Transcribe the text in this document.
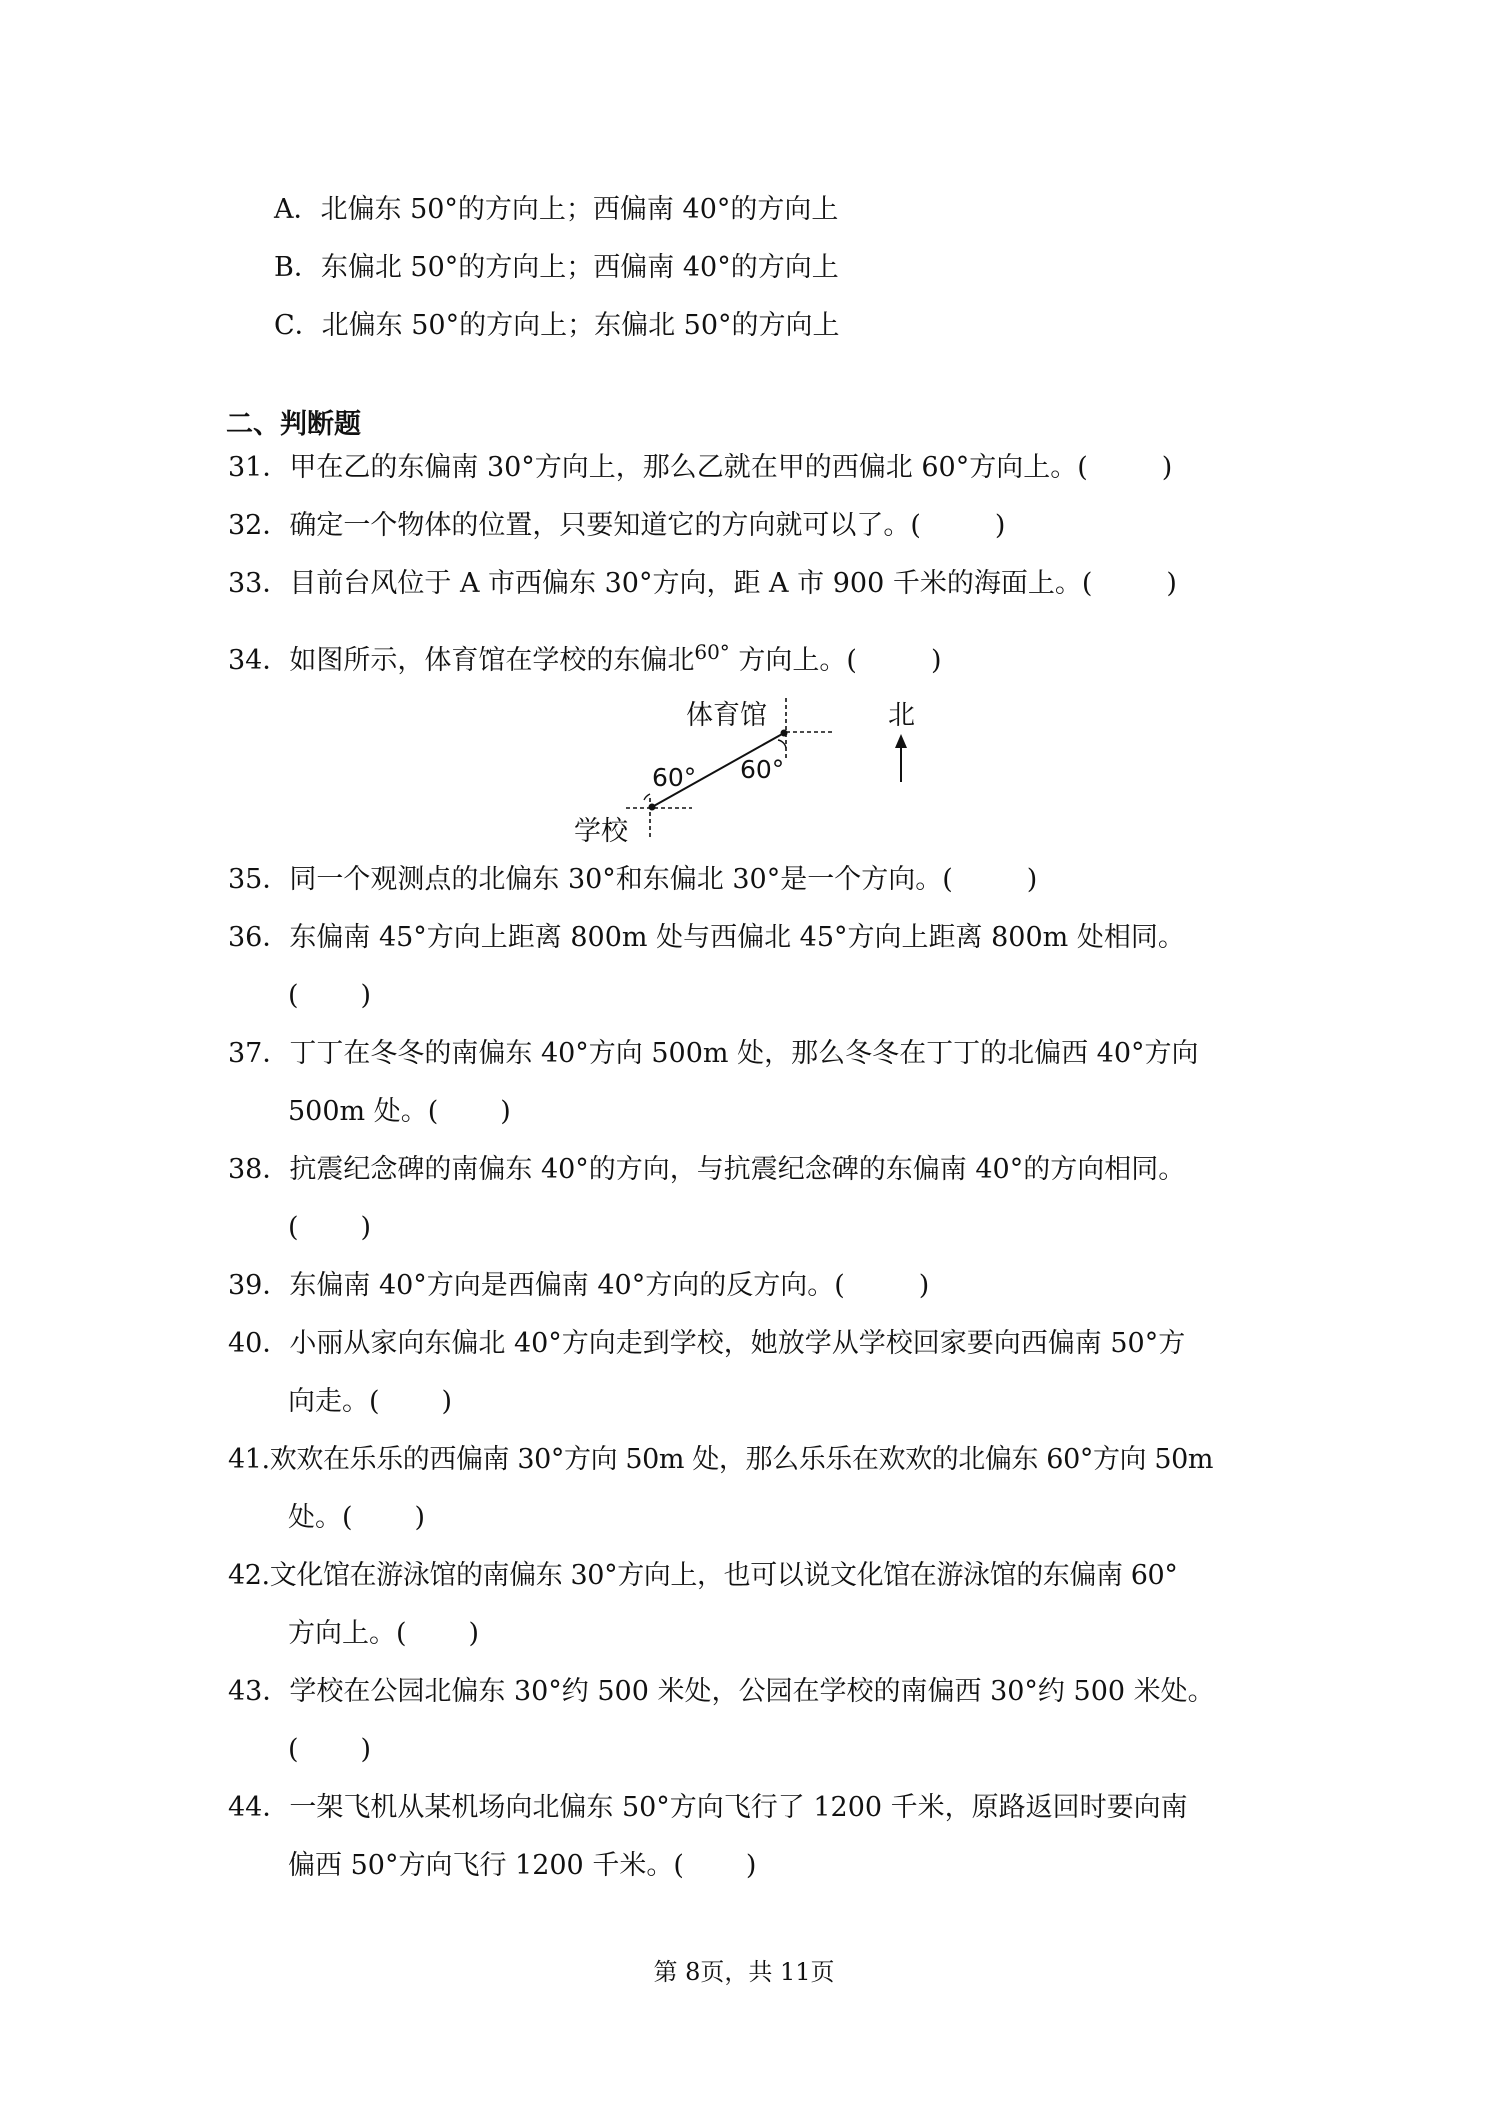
A．北偏东 50°的方向上；西偏南 40°的方向上
B．东偏北 50°的方向上；西偏南 40°的方向上
C．北偏东 50°的方向上；东偏北 50°的方向上
二、判断题
31．甲在乙的东偏南 30°方向上，那么乙就在甲的西偏北 60°方向上。(	)
32．确定一个物体的位置，只要知道它的方向就可以了。(	)
33．目前台风位于 A 市西偏东 30°方向，距 A 市 900 千米的海面上。(	)
34．如图所示，体育馆在学校的东偏北$^{60^\circ}$ 方向上。(	)
体育馆
60° 60°
学校
北
35．同一个观测点的北偏东 30°和东偏北 30°是一个方向。(	)
36．东偏南 45°方向上距离 800m 处与西偏北 45°方向上距离 800m 处相同。
( )
37．丁丁在冬冬的南偏东 40°方向 500m 处，那么冬冬在丁丁的北偏西 40°方向
500m 处。( )
38．抗震纪念碑的南偏东 40°的方向，与抗震纪念碑的东偏南 40°的方向相同。
( )
39．东偏南 40°方向是西偏南 40°方向的反方向。(	)
40．小丽从家向东偏北 40°方向走到学校，她放学从学校回家要向西偏南 50°方
向走。( )
41.欢欢在乐乐的西偏南 30°方向 50m 处，那么乐乐在欢欢的北偏东 60°方向 50m
处。( )
42.文化馆在游泳馆的南偏东 30°方向上，也可以说文化馆在游泳馆的东偏南 60°
方向上。( )
43．学校在公园北偏东 30°约 500 米处，公园在学校的南偏西 30°约 500 米处。
( )
44．一架飞机从某机场向北偏东 50°方向飞行了 1200 千米，原路返回时要向南
偏西 50°方向飞行 1200 千米。( )
第 8页，共 11页
